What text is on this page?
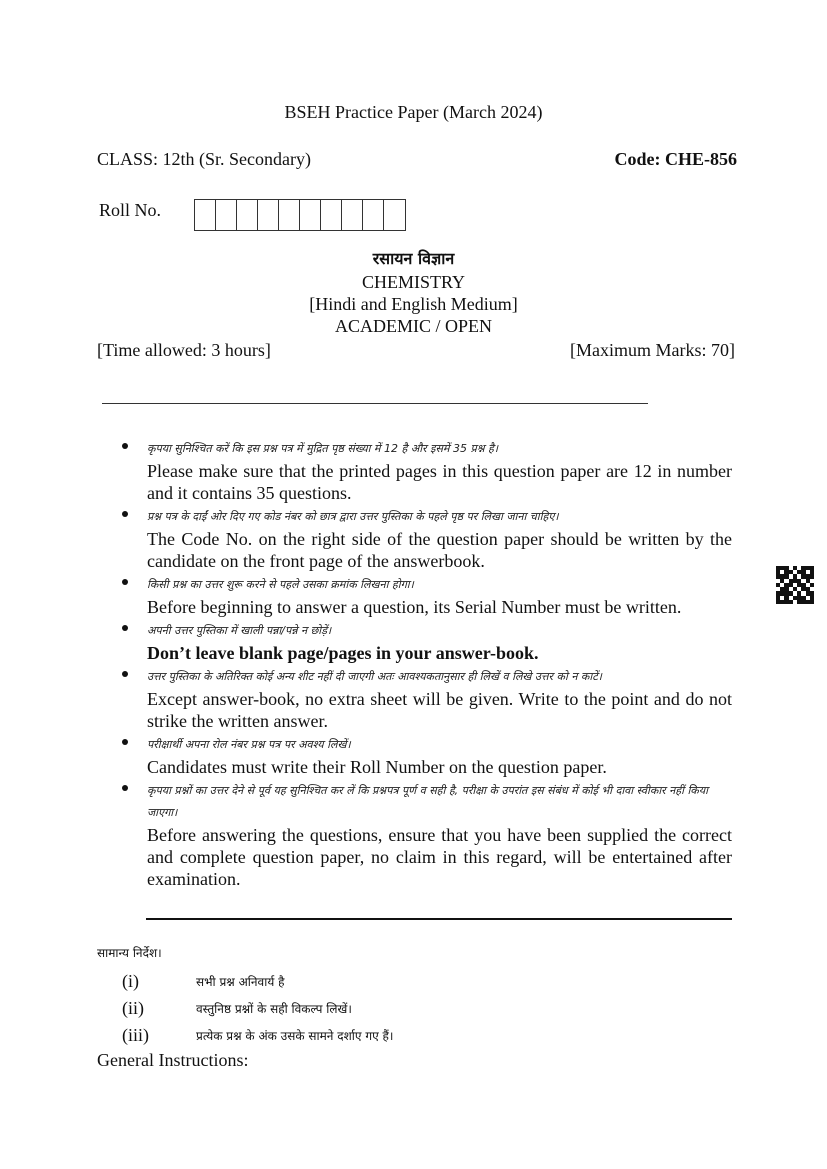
BSEH Practice Paper (March 2024)
CLASS: 12th (Sr. Secondary)	Code: CHE-856
Roll No.
रसायन विज्ञान
CHEMISTRY
[Hindi and English Medium]
ACADEMIC / OPEN
[Time allowed: 3 hours]	[Maximum Marks: 70]
कृपया सुनिश्चित करें कि इस प्रश्न पत्र में मुद्रित पृष्ठ संख्या में 12 है और इसमें 35 प्रश्न है।
Please make sure that the printed pages in this question paper are 12 in number and it contains 35 questions.
प्रश्न पत्र के दाईं ओर दिए गए कोड नंबर को छात्र द्वारा उत्तर पुस्तिका के पहले पृष्ठ पर लिखा जाना चाहिए।
The Code No. on the right side of the question paper should be written by the candidate on the front page of the answerbook.
किसी प्रश्न का उत्तर शुरू करने से पहले उसका क्रमांक लिखना होगा।
Before beginning to answer a question, its Serial Number must be written.
अपनी उत्तर पुस्तिका में खाली पन्ना/पन्ने न छोड़ें।
Don’t leave blank page/pages in your answer-book.
उत्तर पुस्तिका के अतिरिक्त कोई अन्य शीट नहीं दी जाएगी अतः आवश्यकतानुसार ही लिखें व लिखे उत्तर को न काटें।
Except answer-book, no extra sheet will be given. Write to the point and do not strike the written answer.
परीक्षार्थी अपना रोल नंबर प्रश्न पत्र पर अवश्य लिखें।
Candidates must write their Roll Number on the question paper.
कृपया प्रश्नों का उत्तर देने से पूर्व यह सुनिश्चित कर लें कि प्रश्नपत्र पूर्ण व सही है, परीक्षा के उपरांत इस संबंध में कोई भी दावा स्वीकार नहीं किया जाएगा।
Before answering the questions, ensure that you have been supplied the correct and complete question paper, no claim in this regard, will be entertained after examination.
सामान्य निर्देश।
(i)	सभी प्रश्न अनिवार्य है
(ii)	वस्तुनिष्ठ प्रश्नों के सही विकल्प लिखें।
(iii)	प्रत्येक प्रश्न के अंक उसके सामने दर्शाए गए हैं।
General Instructions:
